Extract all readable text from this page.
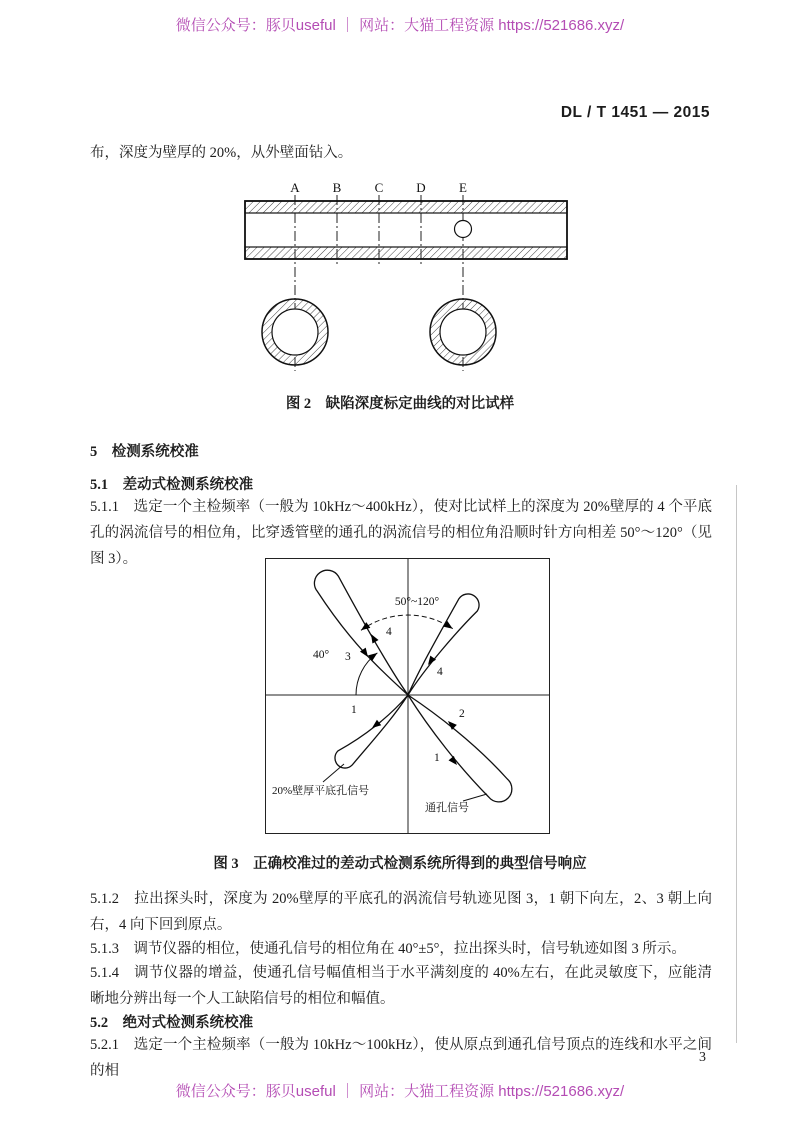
微信公众号：豚贝useful ｜ 网站：大猫工程资源 https://521686.xyz/
DL / T 1451 — 2015
布，深度为壁厚的 20%，从外壁面钻入。
A	B	C	D	E
图 2　缺陷深度标定曲线的对比试样
5　检测系统校准
5.1　差动式检测系统校准
5.1.1　选定一个主检频率（一般为 10kHz～400kHz），使对比试样上的深度为 20%壁厚的 4 个平底孔的涡流信号的相位角，比穿透管壁的通孔的涡流信号的相位角沿顺时针方向相差 50°～120°（见图 3）。
40°
50°~120°
4
3
4
1	2
1
20%壁厚平底孔信号
通孔信号
图 3　正确校准过的差动式检测系统所得到的典型信号响应
5.1.2　拉出探头时，深度为 20%壁厚的平底孔的涡流信号轨迹见图 3，1 朝下向左，2、3 朝上向右，4 向下回到原点。
5.1.3　调节仪器的相位，使通孔信号的相位角在 40°±5°，拉出探头时，信号轨迹如图 3 所示。
5.1.4　调节仪器的增益，使通孔信号幅值相当于水平满刻度的 40%左右，在此灵敏度下，应能清晰地分辨出每一个人工缺陷信号的相位和幅值。
5.2　绝对式检测系统校准
5.2.1　选定一个主检频率（一般为 10kHz～100kHz），使从原点到通孔信号顶点的连线和水平之间的相
3
微信公众号：豚贝useful ｜ 网站：大猫工程资源 https://521686.xyz/
